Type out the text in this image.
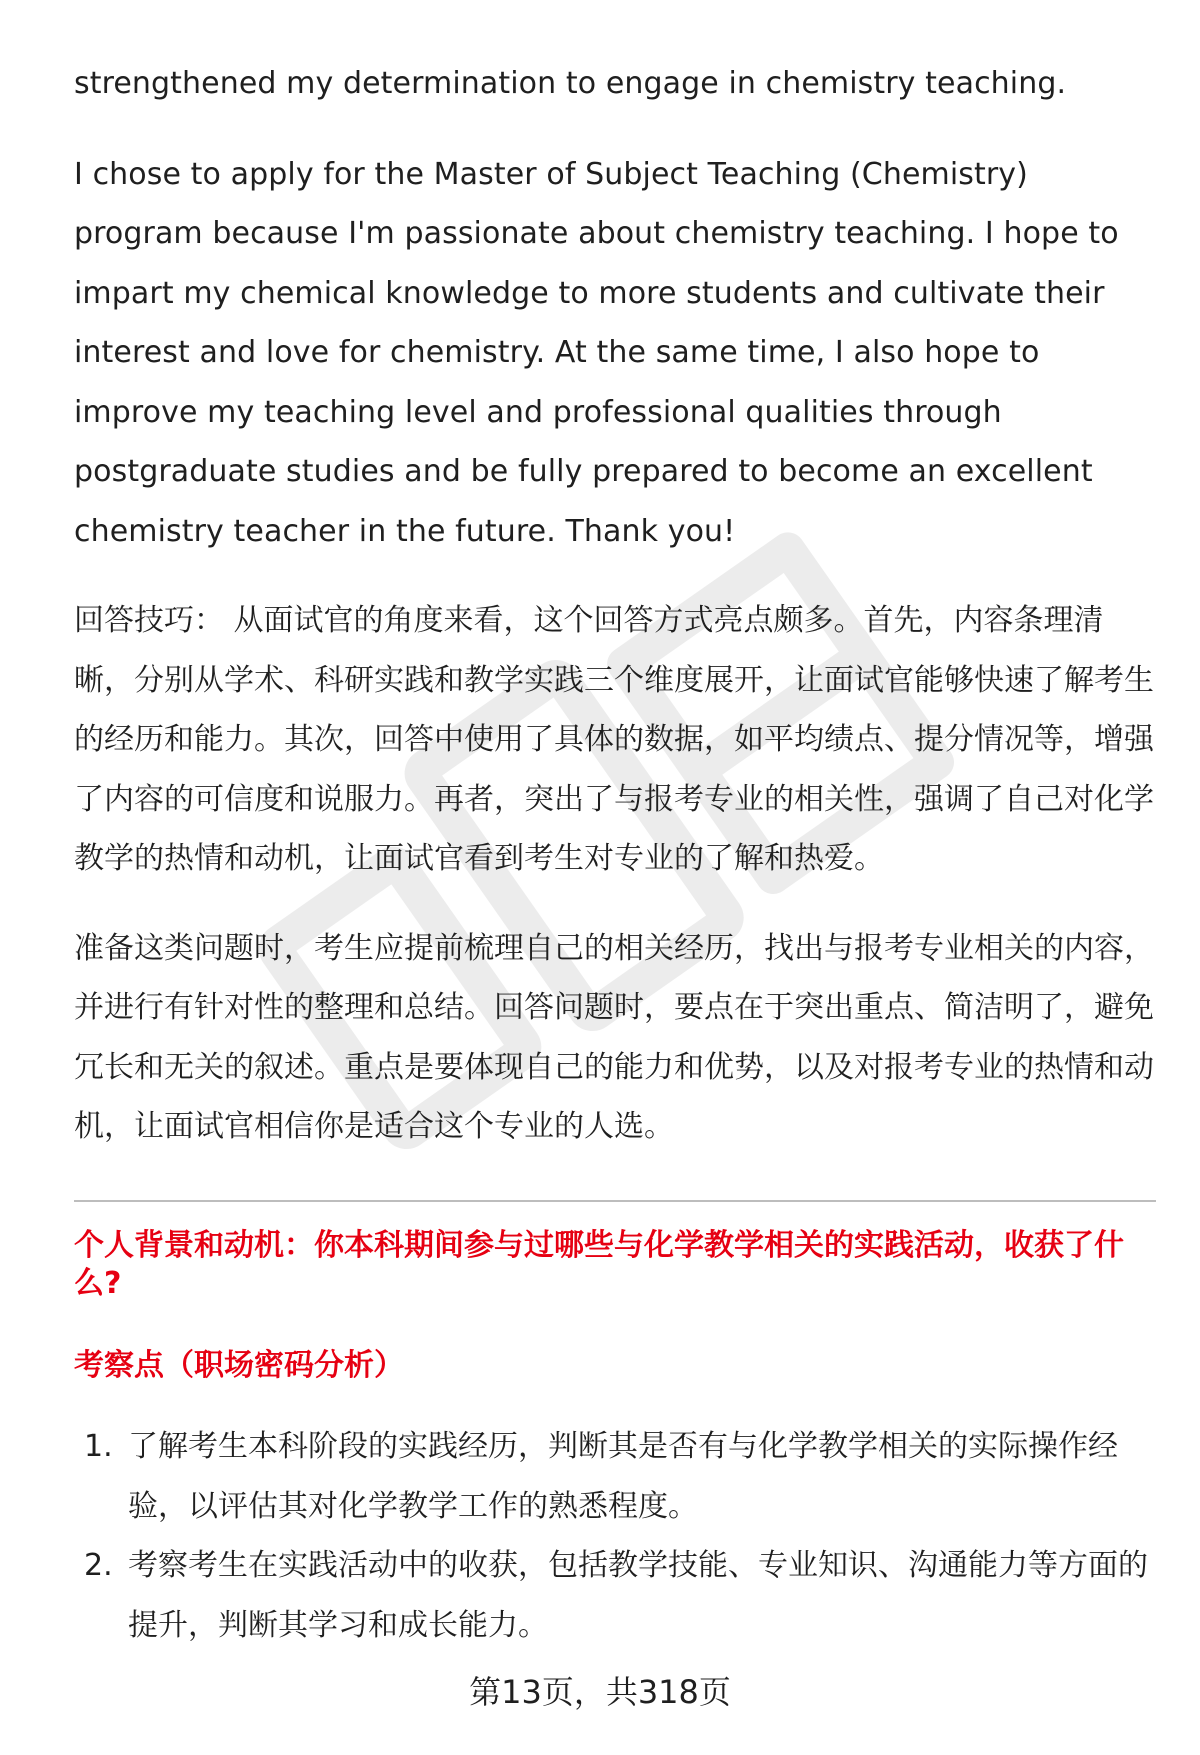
strengthened my determination to engage in chemistry teaching.

I chose to apply for the Master of Subject Teaching (Chemistry) program because I'm passionate about chemistry teaching. I hope to impart my chemical knowledge to more students and cultivate their interest and love for chemistry. At the same time, I also hope to improve my teaching level and professional qualities through postgraduate studies and be fully prepared to become an excellent chemistry teacher in the future. Thank you!

回答技巧： 从面试官的角度来看，这个回答方式亮点颇多。首先，内容条理清晰，分别从学术、科研实践和教学实践三个维度展开，让面试官能够快速了解考生的经历和能力。其次，回答中使用了具体的数据，如平均绩点、提分情况等，增强了内容的可信度和说服力。再者，突出了与报考专业的相关性，强调了自己对化学教学的热情和动机，让面试官看到考生对专业的了解和热爱。

准备这类问题时，考生应提前梳理自己的相关经历，找出与报考专业相关的内容，并进行有针对性的整理和总结。回答问题时，要点在于突出重点、简洁明了，避免冗长和无关的叙述。重点是要体现自己的能力和优势，以及对报考专业的热情和动机，让面试官相信你是适合这个专业的人选。

个人背景和动机：你本科期间参与过哪些与化学教学相关的实践活动，收获了什么?
考察点（职场密码分析）
1. 了解考生本科阶段的实践经历，判断其是否有与化学教学相关的实际操作经验，以评估其对化学教学工作的熟悉程度。
2. 考察考生在实践活动中的收获，包括教学技能、专业知识、沟通能力等方面的提升，判断其学习和成长能力。
第13页，共318页
